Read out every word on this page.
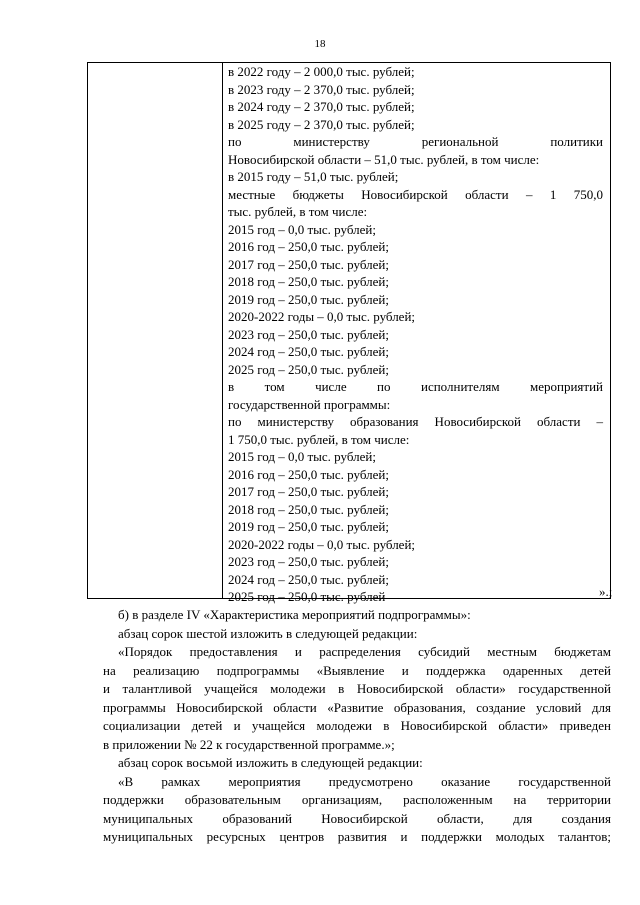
18
в 2022 году – 2 000,0 тыс. рублей;
в 2023 году – 2 370,0 тыс. рублей;
в 2024 году – 2 370,0 тыс. рублей;
в 2025 году – 2 370,0 тыс. рублей;
по министерству региональной политики
Новосибирской области – 51,0 тыс. рублей, в том числе:
в 2015 году – 51,0 тыс. рублей;
местные бюджеты Новосибирской области – 1 750,0
тыс. рублей, в том числе:
2015 год – 0,0 тыс. рублей;
2016 год – 250,0 тыс. рублей;
2017 год – 250,0 тыс. рублей;
2018 год – 250,0 тыс. рублей;
2019 год – 250,0 тыс. рублей;
2020-2022 годы – 0,0 тыс. рублей;
2023 год – 250,0 тыс. рублей;
2024 год – 250,0 тыс. рублей;
2025 год – 250,0 тыс. рублей;
в том числе по исполнителям мероприятий
государственной программы:
по министерству образования Новосибирской области –
1 750,0 тыс. рублей, в том числе:
2015 год – 0,0 тыс. рублей;
2016 год – 250,0 тыс. рублей;
2017 год – 250,0 тыс. рублей;
2018 год – 250,0 тыс. рублей;
2019 год – 250,0 тыс. рублей;
2020-2022 годы – 0,0 тыс. рублей;
2023 год – 250,0 тыс. рублей;
2024 год – 250,0 тыс. рублей;
2025 год – 250,0 тыс. рублей	».;
б) в разделе IV «Характеристика мероприятий подпрограммы»:
абзац сорок шестой изложить в следующей редакции:
«Порядок предоставления и распределения субсидий местным бюджетам
на реализацию подпрограммы «Выявление и поддержка одаренных детей
и талантливой учащейся молодежи в Новосибирской области» государственной
программы Новосибирской области «Развитие образования, создание условий для
социализации детей и учащейся молодежи в Новосибирской области» приведен
в приложении № 22 к государственной программе.»;
абзац сорок восьмой изложить в следующей редакции:
«В рамках мероприятия предусмотрено оказание государственной
поддержки образовательным организациям, расположенным на территории
муниципальных образований Новосибирской области, для создания
муниципальных ресурсных центров развития и поддержки молодых талантов;
